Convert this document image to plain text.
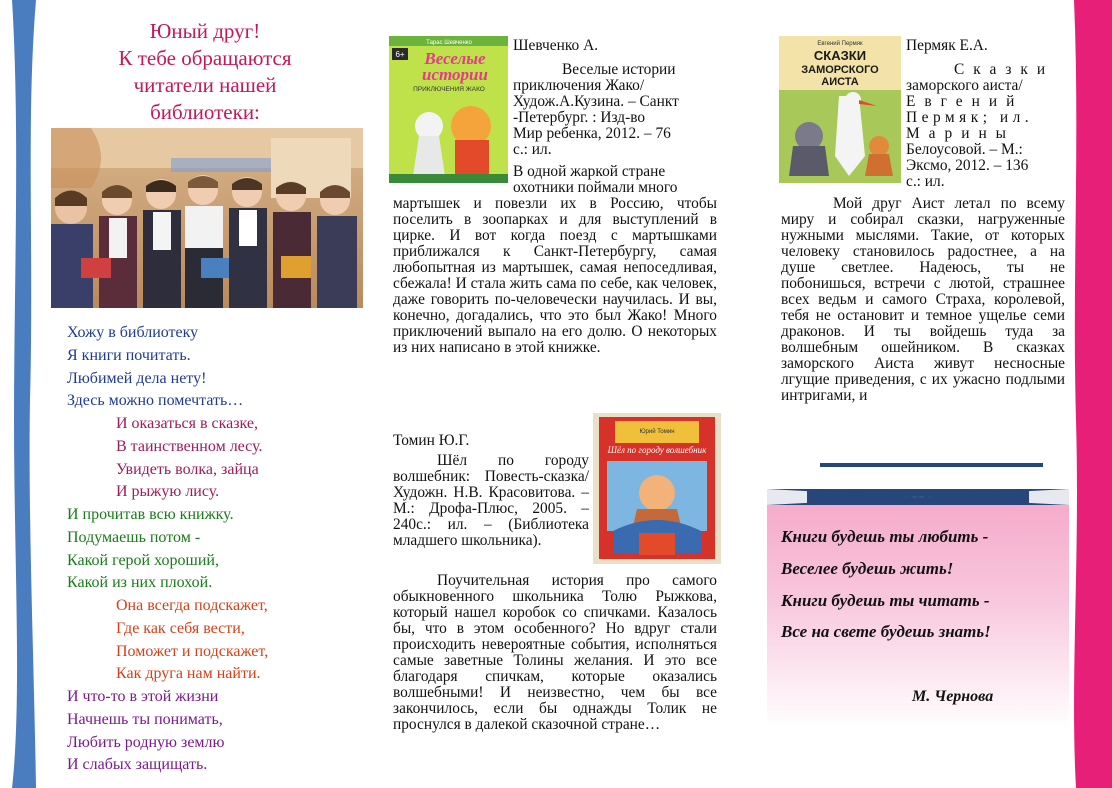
Юный друг!
К тебе обращаются
читатели нашей
библиотеки:
Хожу в библиотеку
Я книги почитать.
Любимей дела нету!
Здесь можно помечтать…
И оказаться в сказке,
В таинственном лесу.
Увидеть волка, зайца
И рыжую лису.
И прочитав всю книжку.
Подумаешь потом -
Какой герой хороший,
Какой из них плохой.
Она всегда подскажет,
Где как себя вести,
Поможет и подскажет,
Как друга нам найти.
И что-то в этой жизни
Начнешь ты понимать,
Любить родную землю
И слабых защищать.
Тарас Шевченко
6+ Веселые
истории
ПРИКЛЮЧЕНИЯ ЖАКО
Шевченко А.
Веселые истории
приключения Жако/
Худож.А.Кузина. – Санкт
-Петербург. : Изд-во
Мир ребенка, 2012. – 76
с.: ил.
В одной жаркой стране
охотники поймали много
мартышек и повезли их в Россию, чтобы поселить в зоопарках и для выступлений в цирке. И вот когда поезд с мартышками приближался к Санкт-Петербургу, самая любопытная из мартышек, самая непоседливая, сбежала! И стала жить сама по себе, как человек, даже говорить по-человечески научилась. И вы, конечно, догадались, что это был Жако! Много приключений выпало на его долю. О некоторых из них написано в этой книжке.
Юрий Томин
Шёл по городу волшебник
Томин Ю.Г.
Шёл по городу волшебник: Повесть-сказка/Художн. Н.В. Красовитова. – М.: Дрофа-Плюс, 2005. – 240с.: ил. – (Библиотека младшего школьника).
Поучительная история про самого обыкновенного школьника Толю Рыжкова, который нашел коробок со спичками. Казалось бы, что в этом особенного? Но вдруг стали происходить невероятные события, исполняться самые заветные Толины желания. И это все благодаря спичкам, которые оказались волшебными! И неизвестно, чем бы все закончилось, если бы однажды Толик не проснулся в далекой сказочной стране…
Евгений Пермяк
СКАЗКИ
ЗАМОРСКОГО
АИСТА
Пермяк Е.А.
Сказки
заморского аиста/
Евгений
Пермяк; ил.
Марины
Белоусовой. – М.:
Эксмо, 2012. – 136
с.: ил.
Мой друг Аист летал по всему миру и собирал сказки, нагруженные нужными мыслями. Такие, от которых человеку становилось радостнее, а на душе светлее. Надеюсь, ты не побонишься, встречи с лютой, страшнее всех ведьм и самого Страха, королевой, тебя не остановит и темное ущелье семи драконов. И ты войдешь туда за волшебным ошейником. В сказках заморского Аиста живут несносные лгущие приведения, с их ужасно подлыми интригами, и
Книги будешь ты любить -
Веселее будешь жить!
Книги будешь ты читать -
Все на свете будешь знать!
М. Чернова
